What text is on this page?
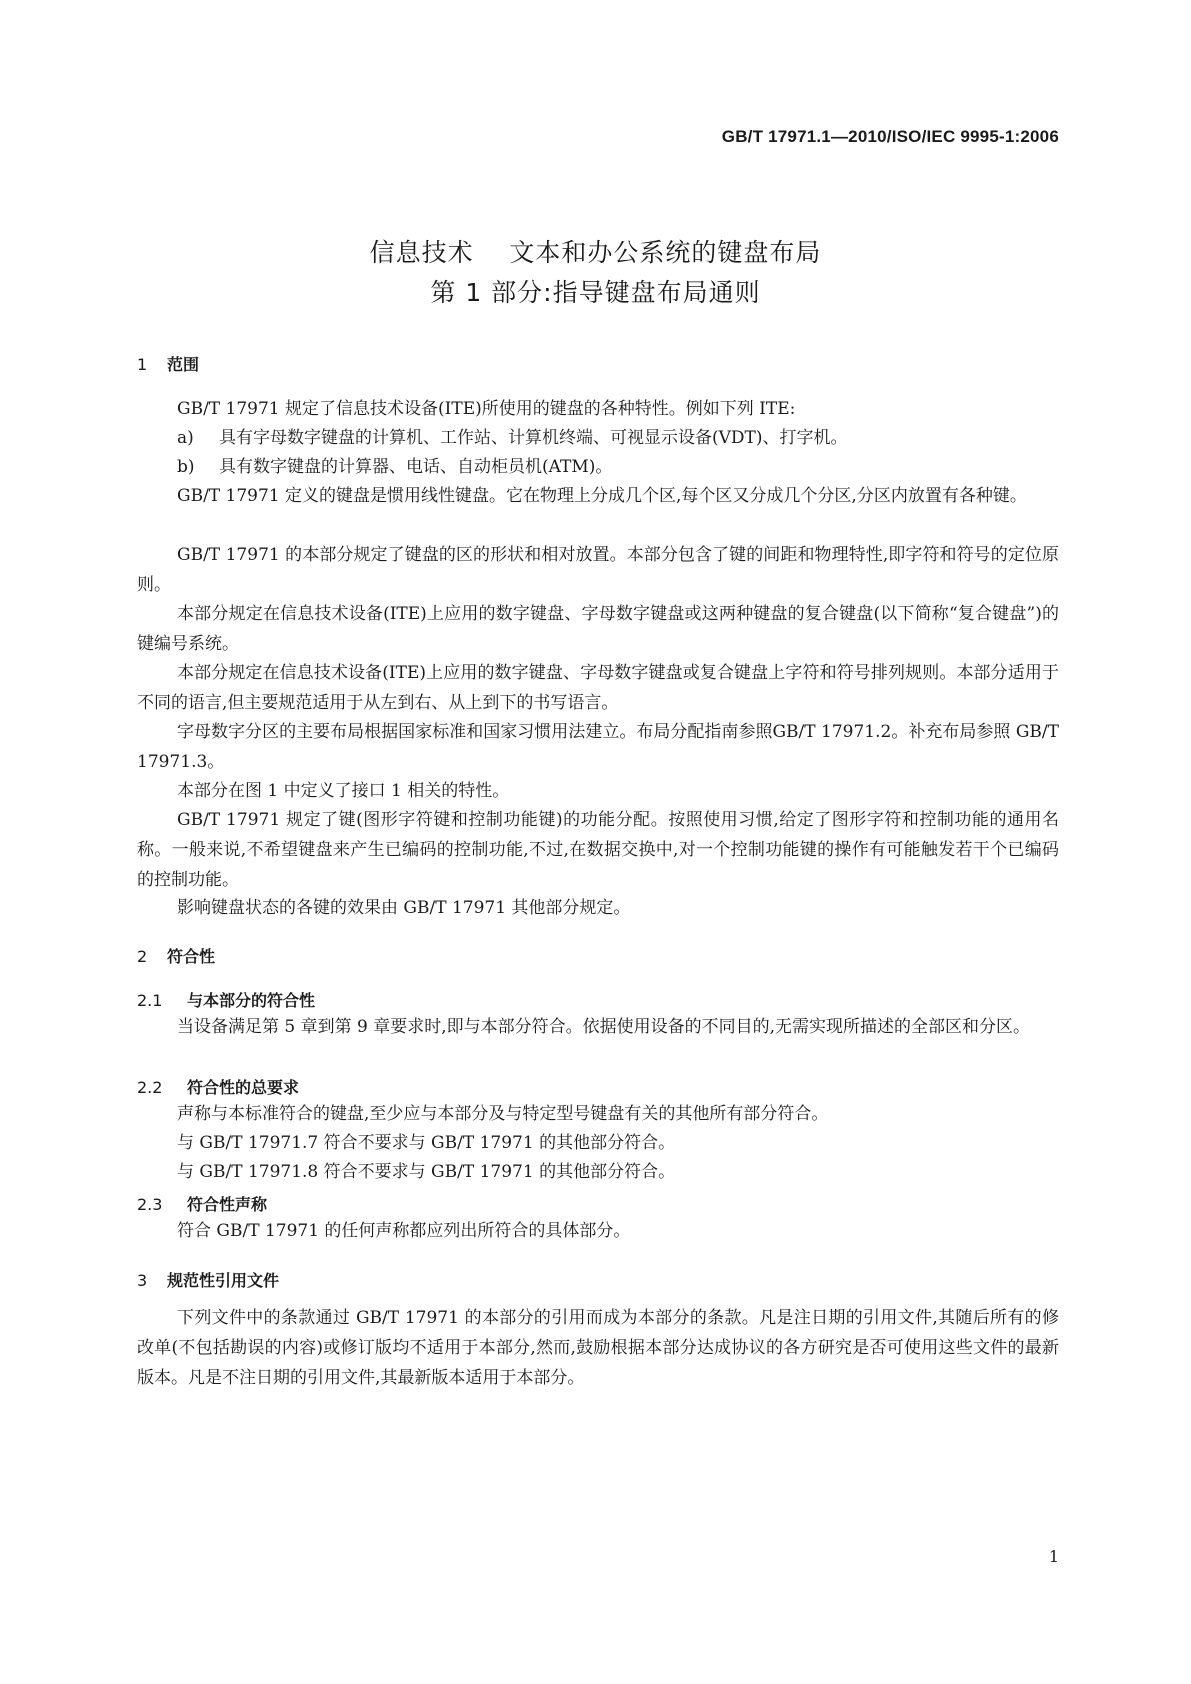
GB/T 17971.1—2010/ISO/IEC 9995-1:2006
信息技术    文本和办公系统的键盘布局
第 1 部分:指导键盘布局通则
1 范围
GB/T 17971 规定了信息技术设备(ITE)所使用的键盘的各种特性。例如下列 ITE:
a) 具有字母数字键盘的计算机、工作站、计算机终端、可视显示设备(VDT)、打字机。
b) 具有数字键盘的计算器、电话、自动柜员机(ATM)。
GB/T 17971 定义的键盘是惯用线性键盘。它在物理上分成几个区,每个区又分成几个分区,分区内放置有各种键。
GB/T 17971 的本部分规定了键盘的区的形状和相对放置。本部分包含了键的间距和物理特性,即字符和符号的定位原则。
本部分规定在信息技术设备(ITE)上应用的数字键盘、字母数字键盘或这两种键盘的复合键盘(以下简称“复合键盘”)的键编号系统。
本部分规定在信息技术设备(ITE)上应用的数字键盘、字母数字键盘或复合键盘上字符和符号排列规则。本部分适用于不同的语言,但主要规范适用于从左到右、从上到下的书写语言。
字母数字分区的主要布局根据国家标准和国家习惯用法建立。布局分配指南参照GB/T 17971.2。补充布局参照 GB/T 17971.3。
本部分在图 1 中定义了接口 1 相关的特性。
GB/T 17971 规定了键(图形字符键和控制功能键)的功能分配。按照使用习惯,给定了图形字符和控制功能的通用名称。一般来说,不希望键盘来产生已编码的控制功能,不过,在数据交换中,对一个控制功能键的操作有可能触发若干个已编码的控制功能。
影响键盘状态的各键的效果由 GB/T 17971 其他部分规定。
2 符合性
2.1 与本部分的符合性
当设备满足第 5 章到第 9 章要求时,即与本部分符合。依据使用设备的不同目的,无需实现所描述的全部区和分区。
2.2 符合性的总要求
声称与本标准符合的键盘,至少应与本部分及与特定型号键盘有关的其他所有部分符合。
与 GB/T 17971.7 符合不要求与 GB/T 17971 的其他部分符合。
与 GB/T 17971.8 符合不要求与 GB/T 17971 的其他部分符合。
2.3 符合性声称
符合 GB/T 17971 的任何声称都应列出所符合的具体部分。
3 规范性引用文件
下列文件中的条款通过 GB/T 17971 的本部分的引用而成为本部分的条款。凡是注日期的引用文件,其随后所有的修改单(不包括勘误的内容)或修订版均不适用于本部分,然而,鼓励根据本部分达成协议的各方研究是否可使用这些文件的最新版本。凡是不注日期的引用文件,其最新版本适用于本部分。
1
